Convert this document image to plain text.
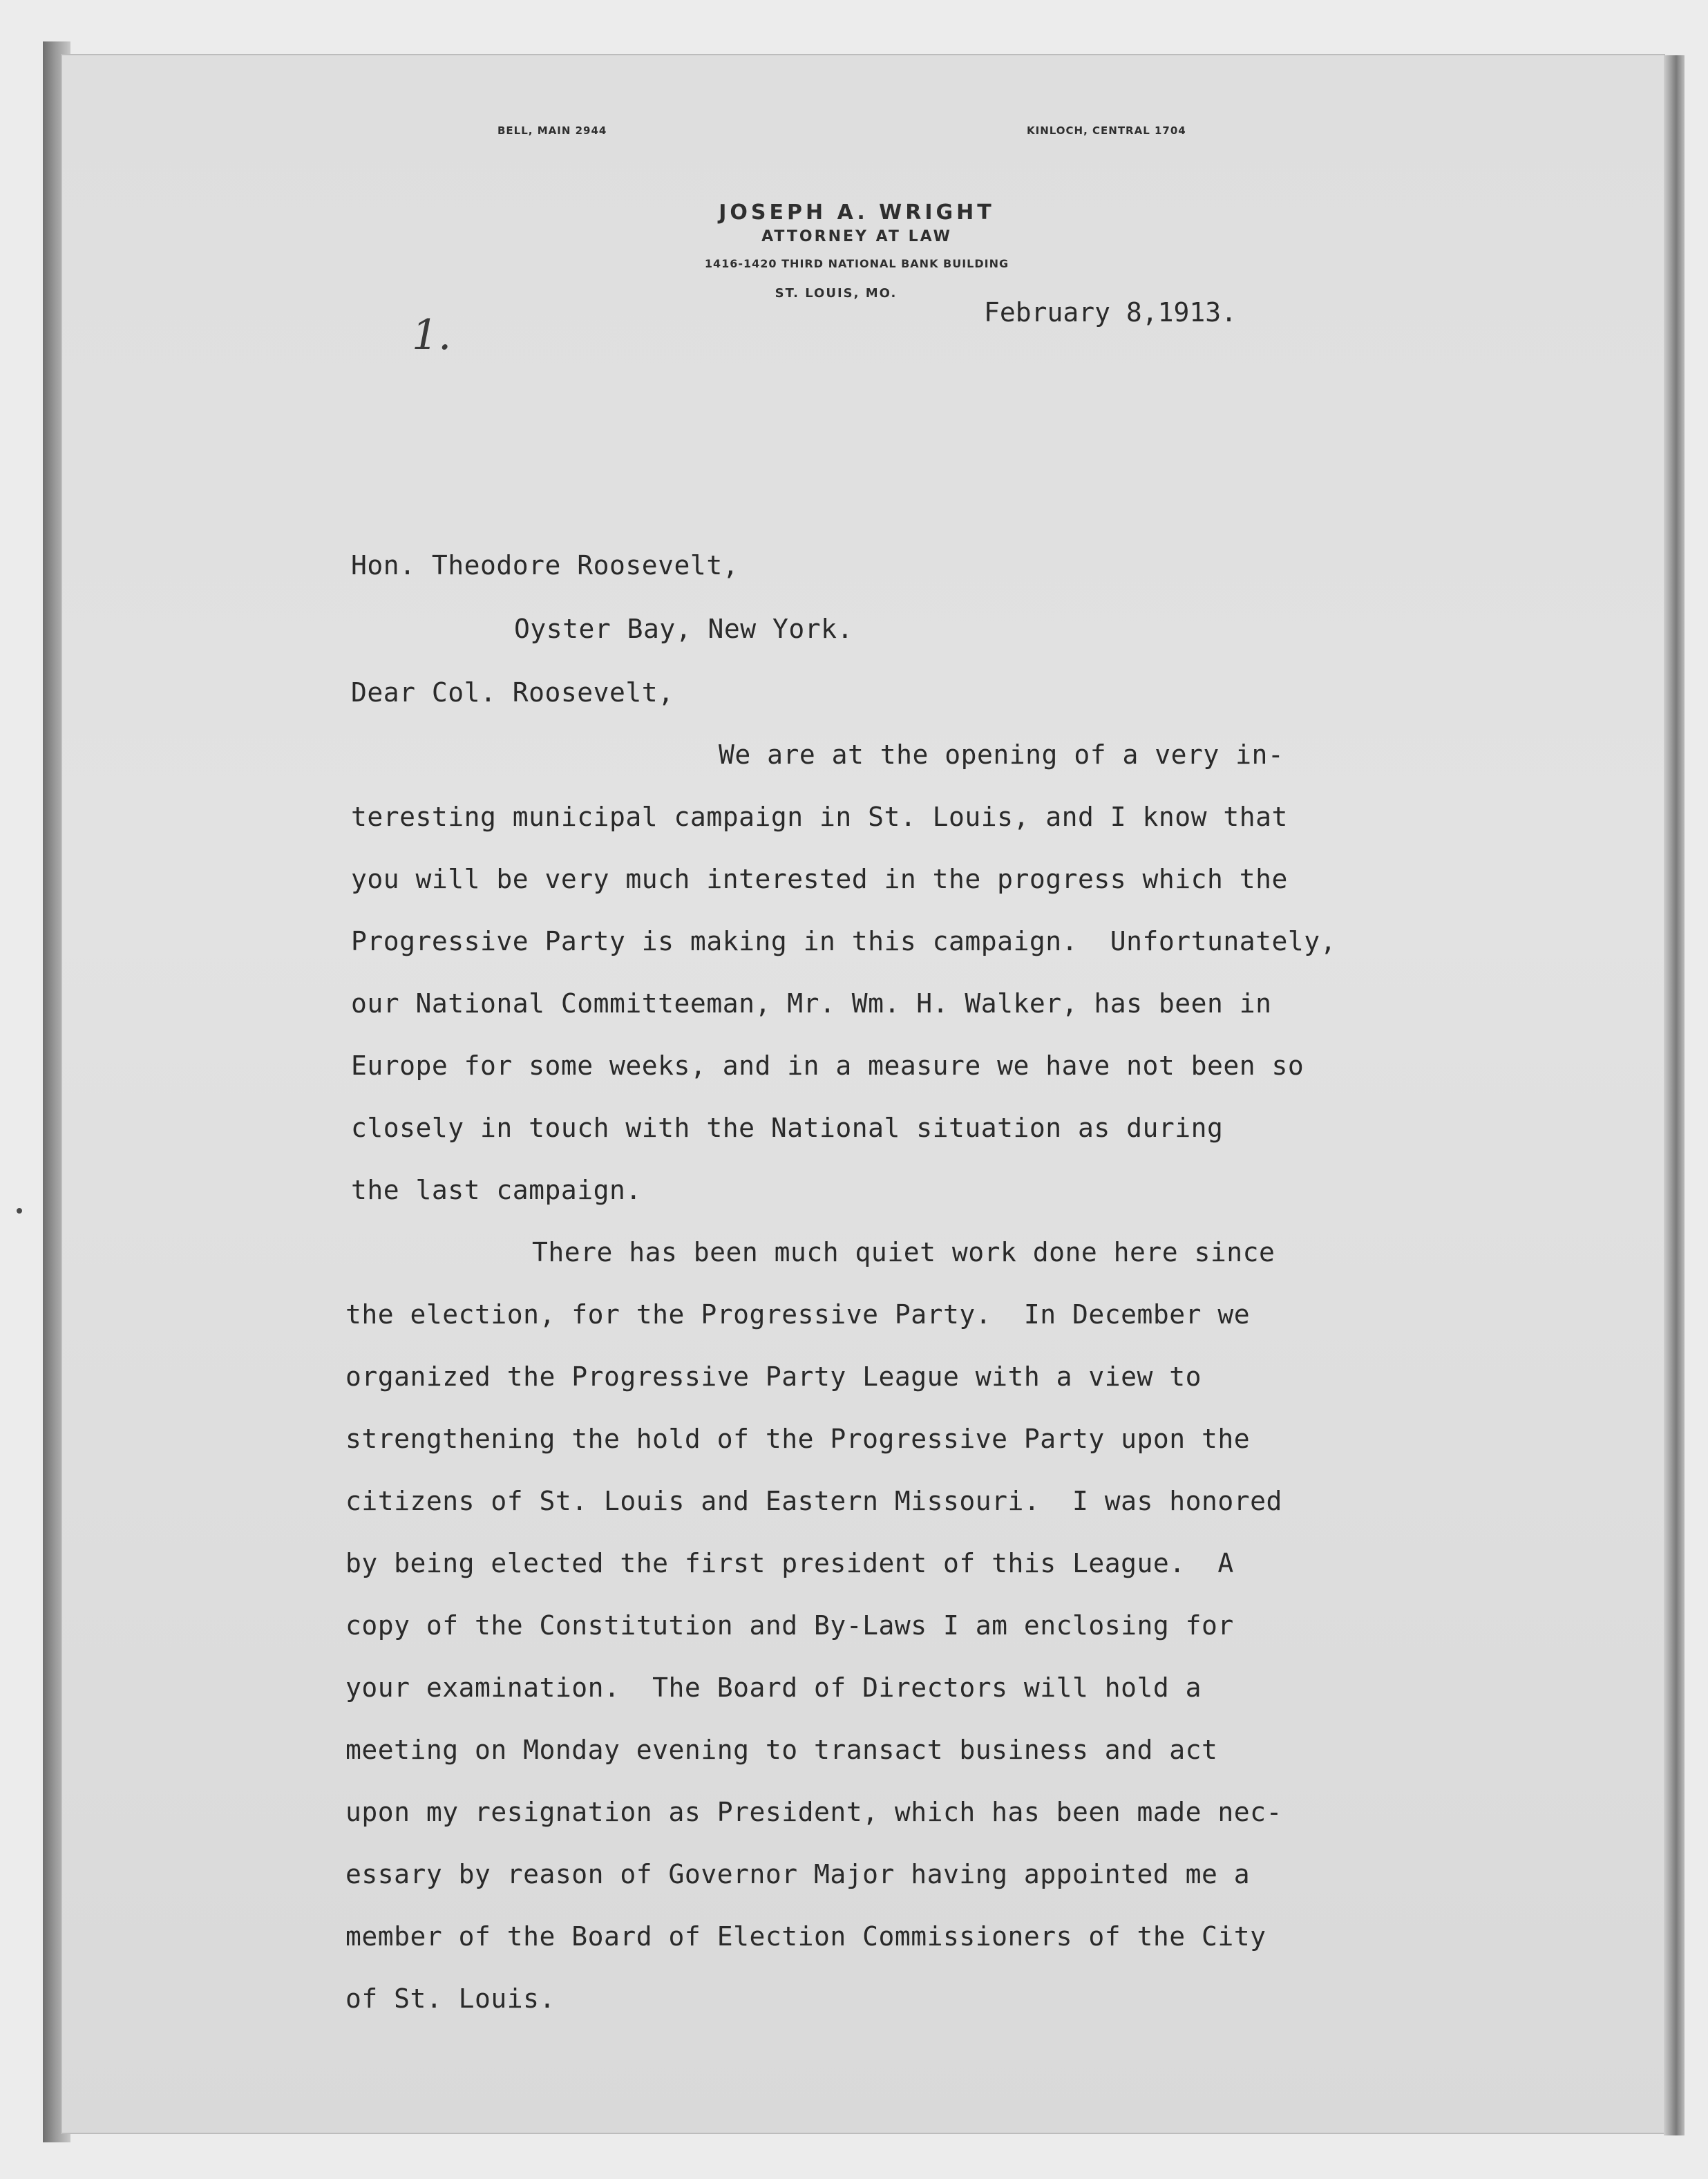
BELL, MAIN 2944	KINLOCH, CENTRAL 1704
JOSEPH A. WRIGHT
ATTORNEY AT LAW
1416-1420 THIRD NATIONAL BANK BUILDING
ST. LOUIS, MO.
1.	February 8,1913.
Hon. Theodore Roosevelt,
Oyster Bay, New York.
Dear Col. Roosevelt,
We are at the opening of a very in-
teresting municipal campaign in St. Louis, and I know that
you will be very much interested in the progress which the
Progressive Party is making in this campaign.  Unfortunately,
our National Committeeman, Mr. Wm. H. Walker, has been in
Europe for some weeks, and in a measure we have not been so
closely in touch with the National situation as during
the last campaign.
There has been much quiet work done here since
the election, for the Progressive Party.  In December we
organized the Progressive Party League with a view to
strengthening the hold of the Progressive Party upon the
citizens of St. Louis and Eastern Missouri.  I was honored
by being elected the first president of this League.  A
copy of the Constitution and By-Laws I am enclosing for
your examination.  The Board of Directors will hold a
meeting on Monday evening to transact business and act
upon my resignation as President, which has been made nec-
essary by reason of Governor Major having appointed me a
member of the Board of Election Commissioners of the City
of St. Louis.
